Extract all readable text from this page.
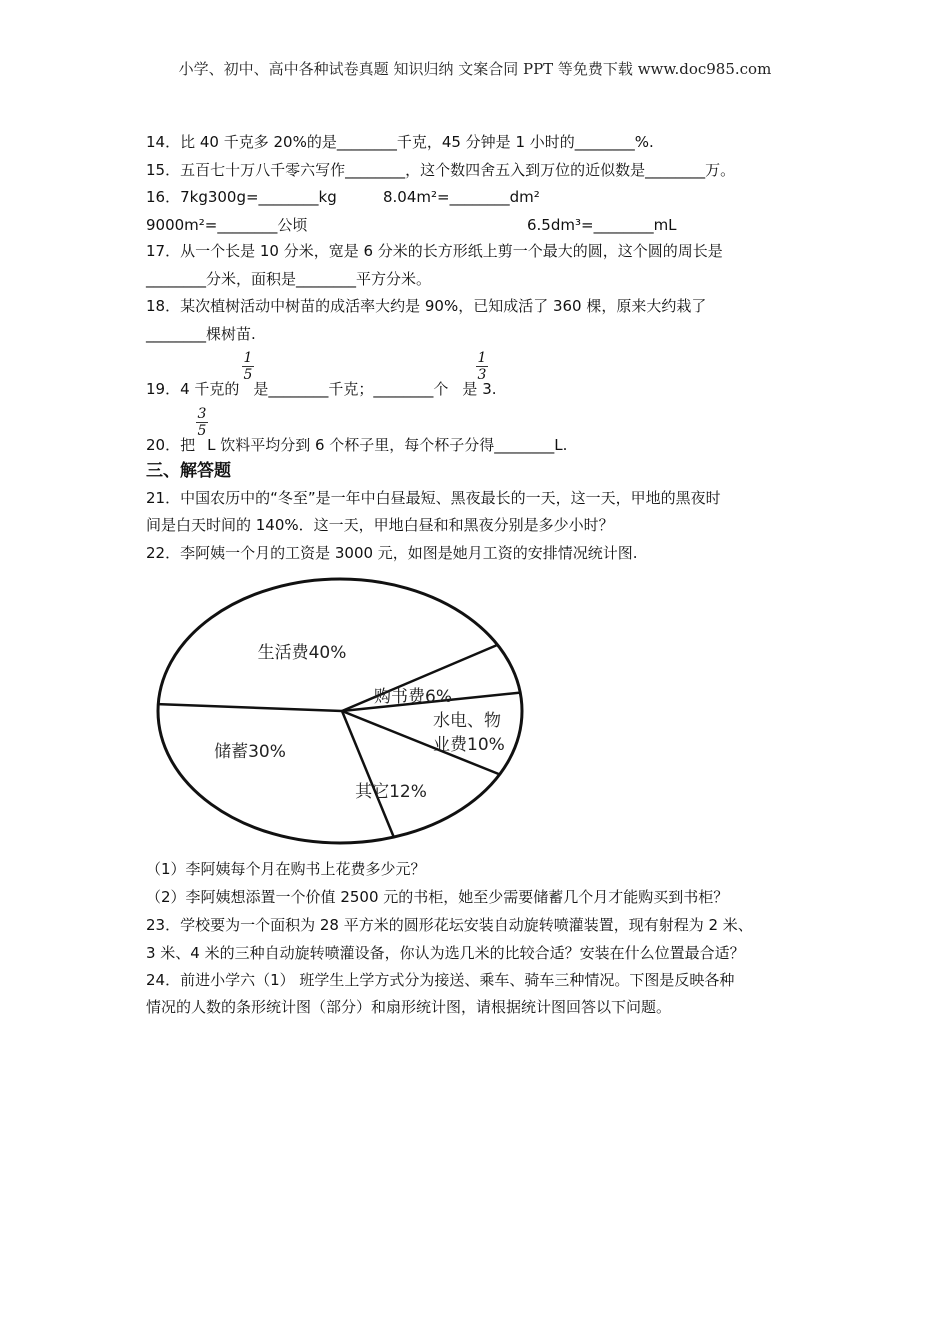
小学、初中、高中各种试卷真题 知识归纳 文案合同 PPT 等免费下载 www.doc985.com
14．比 40 千克多 20%的是________千克，45 分钟是 1 小时的________%.
15．五百七十万八千零六写作________，这个数四舍五入到万位的近似数是________万。
16．7kg300g=________kg	8.04m²=________dm²
9000m²=________公顷	6.5dm³=________mL
17．从一个长是 10 分米，宽是 6 分米的长方形纸上剪一个最大的圆，这个圆的周长是
________分米，面积是________平方分米。
18．某次植树活动中树苗的成活率大约是 90%，已知成活了 360 棵，原来大约栽了
________棵树苗.
$\frac{1}{5}$	$\frac{1}{3}$
19．4 千克的 是________千克；________个 是 3.
$\frac{3}{5}$
20．把 L 饮料平均分到 6 个杯子里，每个杯子分得________L.
三、解答题
21．中国农历中的“冬至”是一年中白昼最短、黑夜最长的一天，这一天，甲地的黑夜时
间是白天时间的 140%．这一天，甲地白昼和和黑夜分别是多少小时？
22．李阿姨一个月的工资是 3000 元，如图是她月工资的安排情况统计图.
生活费40%
购书费6%
水电、物
业费10%
其它12%
储蓄30%
（1）李阿姨每个月在购书上花费多少元？
（2）李阿姨想添置一个价值 2500 元的书柜，她至少需要储蓄几个月才能购买到书柜？
23．学校要为一个面积为 28 平方米的圆形花坛安装自动旋转喷灌装置，现有射程为 2 米、
3 米、4 米的三种自动旋转喷灌设备，你认为选几米的比较合适？安装在什么位置最合适？
24．前进小学六（1） 班学生上学方式分为接送、乘车、骑车三种情况。下图是反映各种
情况的人数的条形统计图（部分）和扇形统计图，请根据统计图回答以下问题。
